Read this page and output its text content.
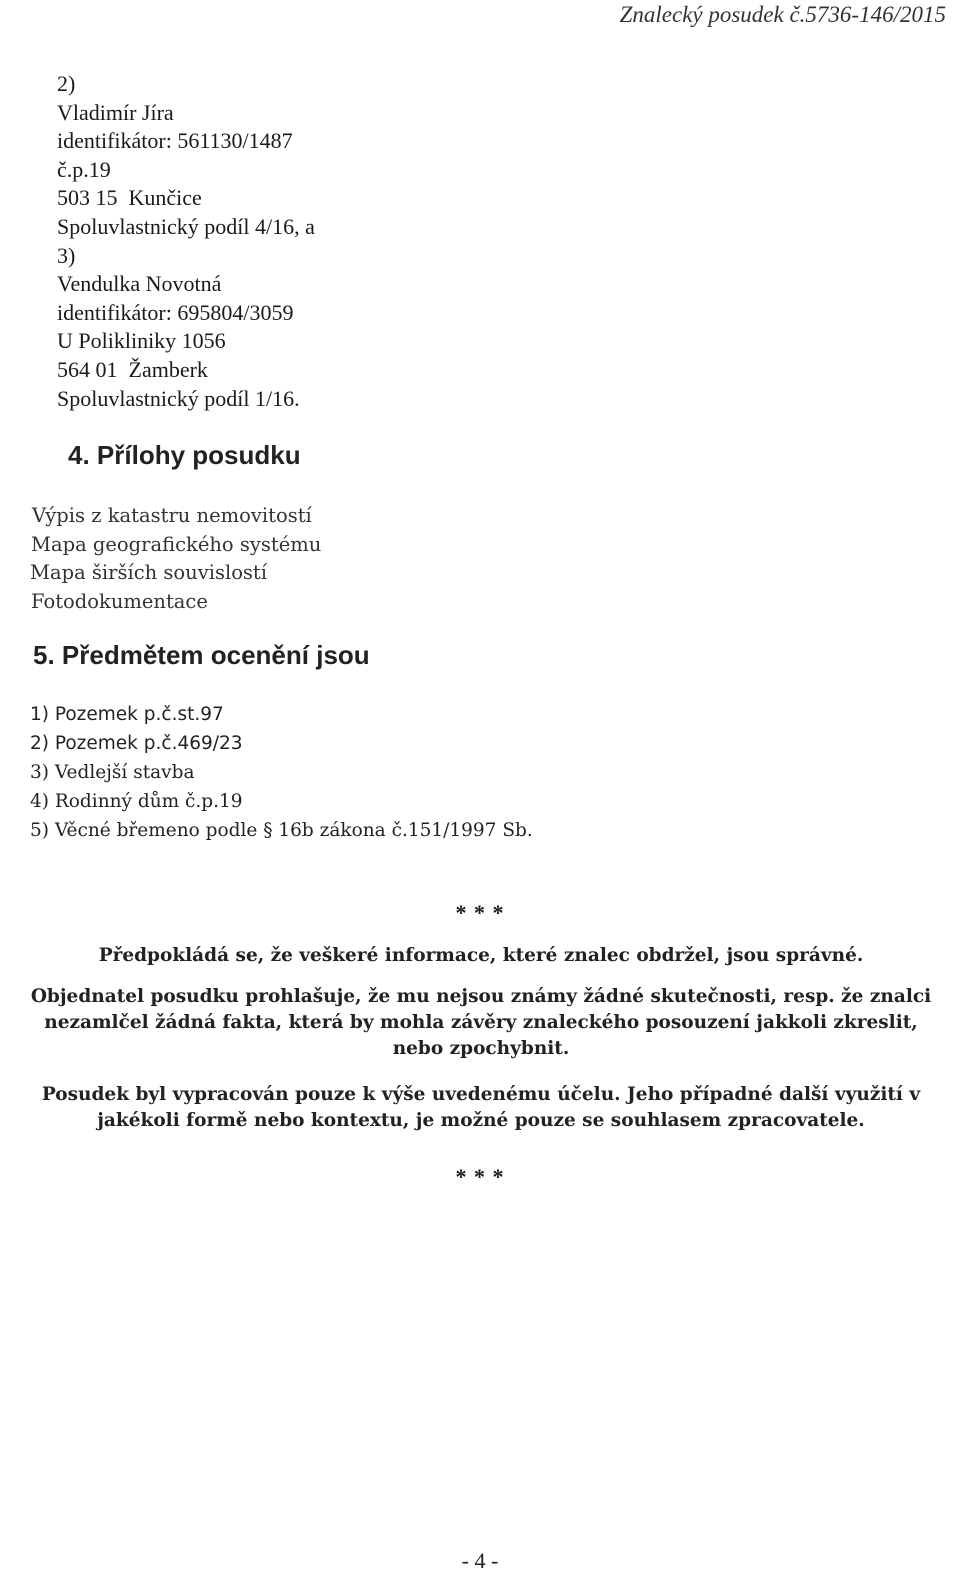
Znalecký posudek č.5736-146/2015
2)
Vladimír Jíra
identifikátor: 561130/1487
č.p.19
503 15  Kunčice
Spoluvlastnický podíl 4/16, a
3)
Vendulka Novotná
identifikátor: 695804/3059
U Polikliniky 1056
564 01  Žamberk
Spoluvlastnický podíl 1/16.
4. Přílohy posudku
Výpis z katastru nemovitostí
Mapa geografického systému
Mapa širších souvislostí
Fotodokumentace
5. Předmětem ocenění jsou
1) Pozemek p.č.st.97
2) Pozemek p.č.469/23
3) Vedlejší stavba
4) Rodinný dům č.p.19
5) Věcné břemeno podle § 16b zákona č.151/1997 Sb.
* * *
Předpokládá se, že veškeré informace, které znalec obdržel, jsou správné.
Objednatel posudku prohlašuje, že mu nejsou známy žádné skutečnosti, resp. že znalci nezamlčel žádná fakta, která by mohla závěry znaleckého posouzení jakkoli zkreslit, nebo zpochybnit.
Posudek byl vypracován pouze k výše uvedenému účelu. Jeho případné další využití v jakékoli formě nebo kontextu, je možné pouze se souhlasem zpracovatele.
* * *
- 4 -
